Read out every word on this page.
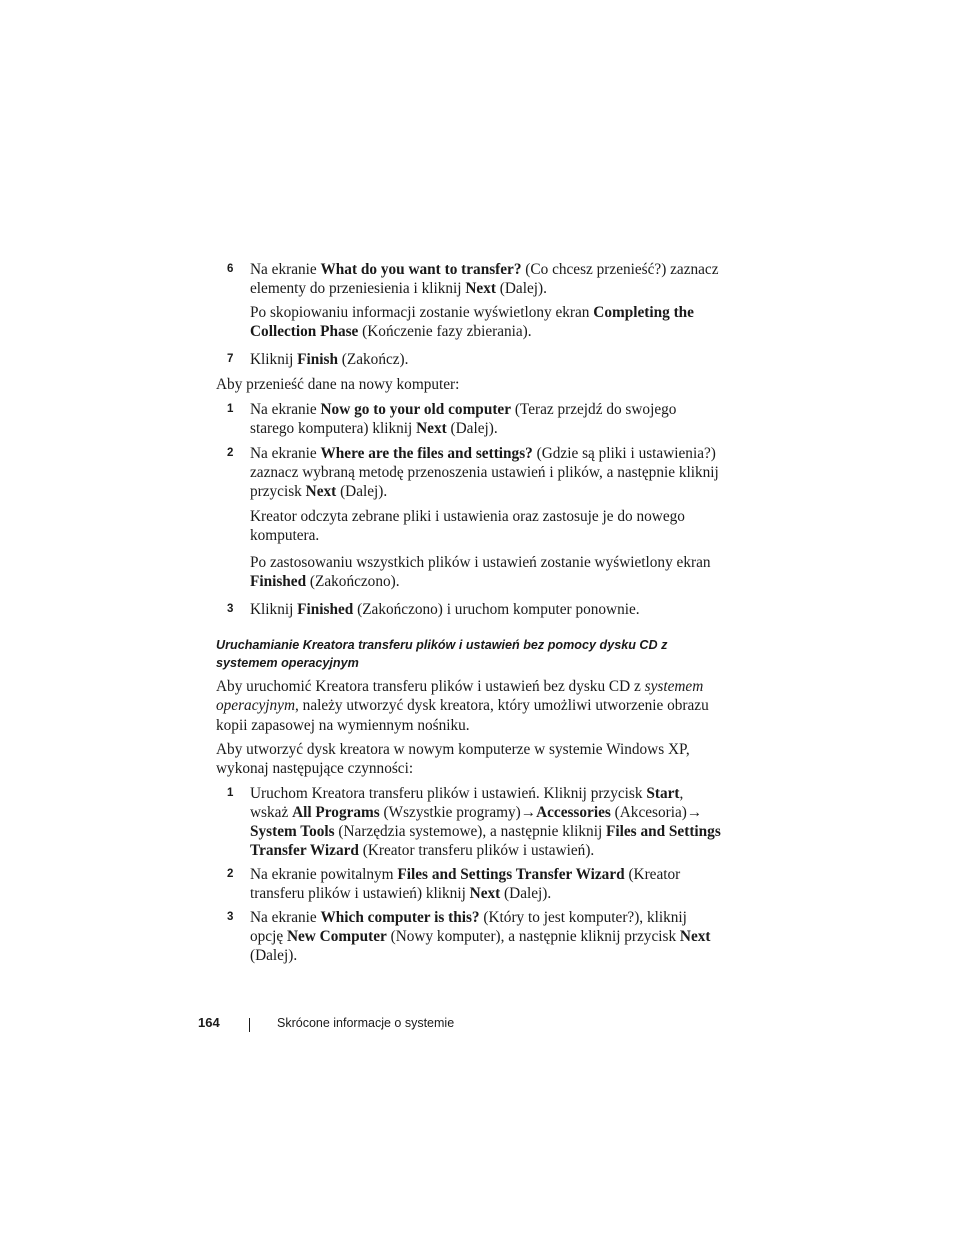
6 Na ekranie What do you want to transfer? (Co chcesz przenieść?) zaznacz elementy do przeniesienia i kliknij Next (Dalej).
Po skopiowaniu informacji zostanie wyświetlony ekran Completing the Collection Phase (Kończenie fazy zbierania).
7 Kliknij Finish (Zakończ).
Aby przenieść dane na nowy komputer:
1 Na ekranie Now go to your old computer (Teraz przejdź do swojego starego komputera) kliknij Next (Dalej).
2 Na ekranie Where are the files and settings? (Gdzie są pliki i ustawienia?) zaznacz wybraną metodę przenoszenia ustawień i plików, a następnie kliknij przycisk Next (Dalej).
Kreator odczyta zebrane pliki i ustawienia oraz zastosuje je do nowego komputera.
Po zastosowaniu wszystkich plików i ustawień zostanie wyświetlony ekran Finished (Zakończono).
3 Kliknij Finished (Zakończono) i uruchom komputer ponownie.
Uruchamianie Kreatora transferu plików i ustawień bez pomocy dysku CD z systemem operacyjnym
Aby uruchomić Kreatora transferu plików i ustawień bez dysku CD z systemem operacyjnym, należy utworzyć dysk kreatora, który umożliwi utworzenie obrazu kopii zapasowej na wymiennym nośniku.
Aby utworzyć dysk kreatora w nowym komputerze w systemie Windows XP, wykonaj następujące czynności:
1 Uruchom Kreatora transferu plików i ustawień. Kliknij przycisk Start, wskaż All Programs (Wszystkie programy)→Accessories (Akcesoria)→ System Tools (Narzędzia systemowe), a następnie kliknij Files and Settings Transfer Wizard (Kreator transferu plików i ustawień).
2 Na ekranie powitalnym Files and Settings Transfer Wizard (Kreator transferu plików i ustawień) kliknij Next (Dalej).
3 Na ekranie Which computer is this? (Który to jest komputer?), kliknij opcję New Computer (Nowy komputer), a następnie kliknij przycisk Next (Dalej).
164	Skrócone informacje o systemie
